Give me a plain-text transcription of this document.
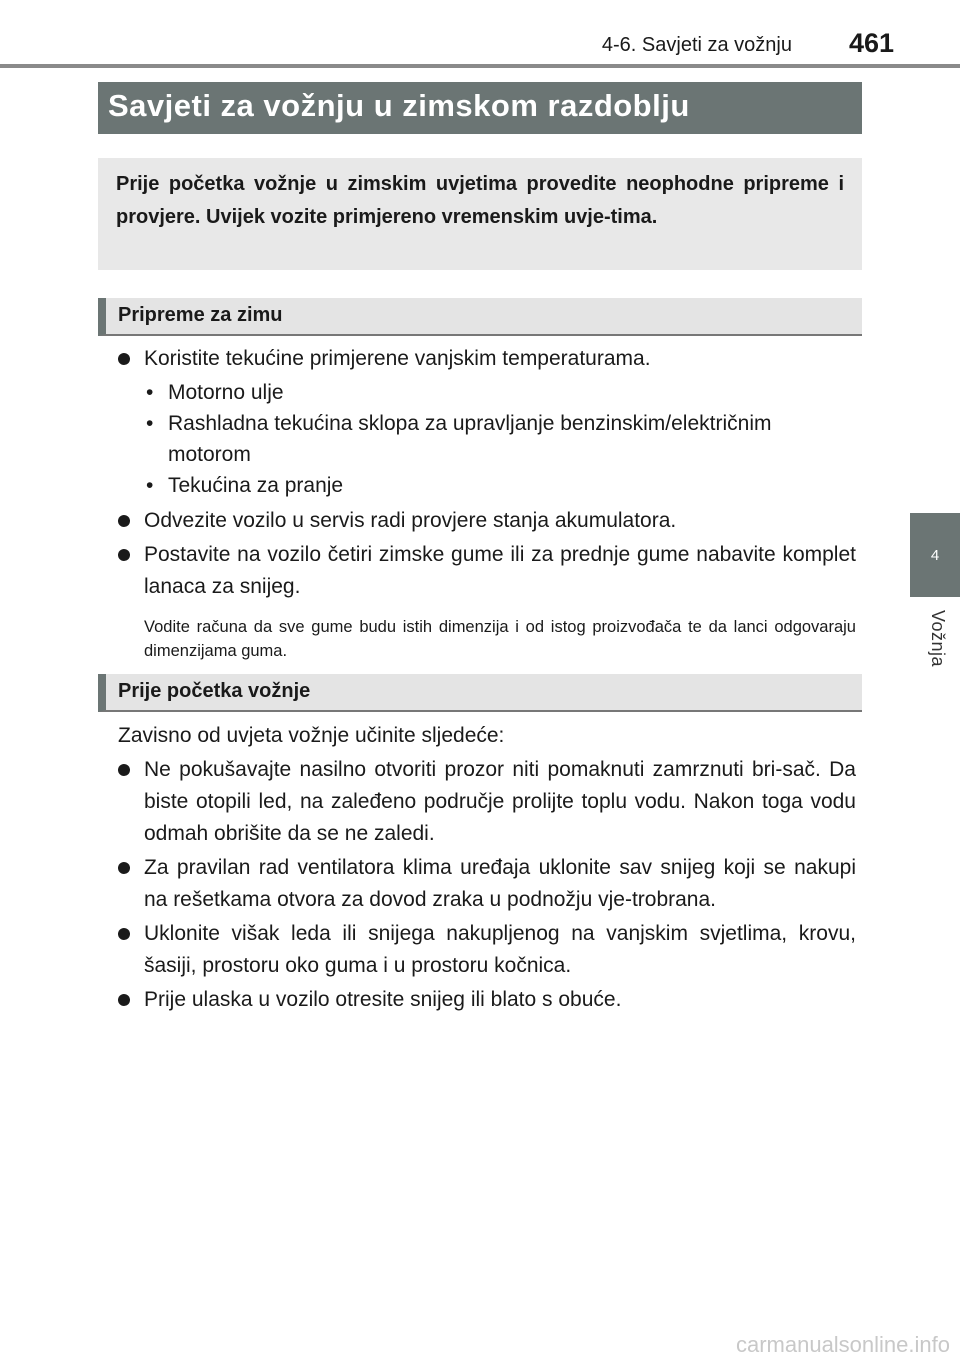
4-6. Savjeti za vožnju 461
4
Vožnja
Savjeti za vožnju u zimskom razdoblju
Prije početka vožnje u zimskim uvjetima provedite neophodne pripreme i provjere. Uvijek vozite primjereno vremenskim uvje-tima.
Pripreme za zimu
Koristite tekućine primjerene vanjskim temperaturama.
• Motorno ulje
• Rashladna tekućina sklopa za upravljanje benzinskim/električnim motorom
• Tekućina za pranje
Odvezite vozilo u servis radi provjere stanja akumulatora.
Postavite na vozilo četiri zimske gume ili za prednje gume nabavite komplet lanaca za snijeg.
Vodite računa da sve gume budu istih dimenzija i od istog proizvođača te da lanci odgovaraju dimenzijama guma.
Prije početka vožnje
Zavisno od uvjeta vožnje učinite sljedeće:
Ne pokušavajte nasilno otvoriti prozor niti pomaknuti zamrznuti bri-sač. Da biste otopili led, na zaleđeno područje prolijte toplu vodu. Nakon toga vodu odmah obrišite da se ne zaledi.
Za pravilan rad ventilatora klima uređaja uklonite sav snijeg koji se nakupi na rešetkama otvora za dovod zraka u podnožju vje-trobrana.
Uklonite višak leda ili snijega nakupljenog na vanjskim svjetlima, krovu, šasiji, prostoru oko guma i u prostoru kočnica.
Prije ulaska u vozilo otresite snijeg ili blato s obuće.
carmanualsonline.info
